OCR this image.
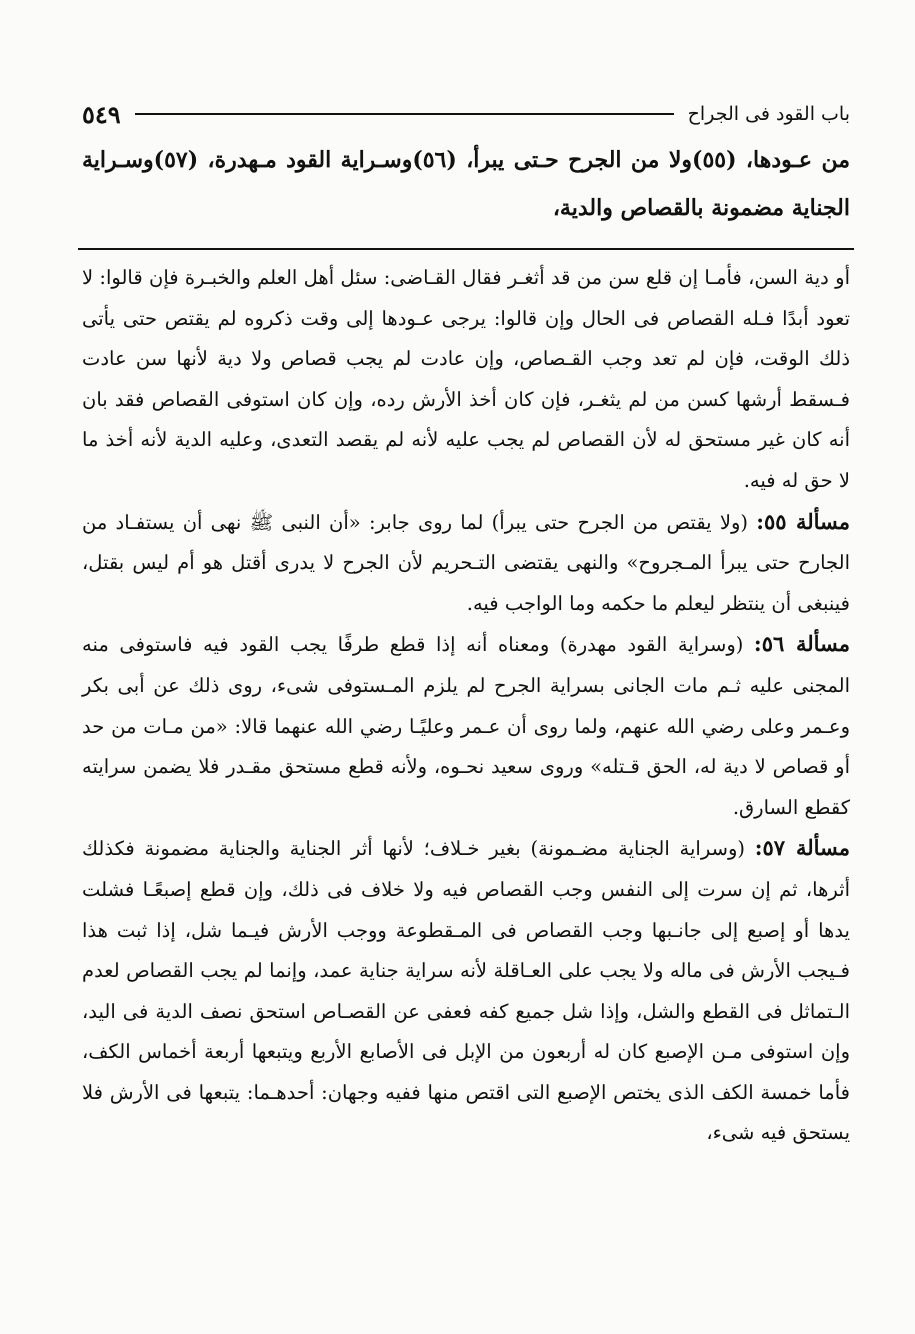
باب القود فى الجراح
٥٤٩

من عـودها، (٥٥)ولا من الجرح حـتى يبرأ، (٥٦)وسـراية القود مـهدرة، (٥٧)وسـراية الجناية مضمونة بالقصاص والدية،

أو دية السن، فأمـا إن قلع سن من قد أثغـر فقال القـاضى: سئل أهل العلم والخبـرة فإن قالوا: لا تعود أبدًا فـله القصاص فى الحال وإن قالوا: يرجى عـودها إلى وقت ذكروه لم يقتص حتى يأتى ذلك الوقت، فإن لم تعد وجب القـصاص، وإن عادت لم يجب قصاص ولا دية لأنها سن عادت فـسقط أرشها كسن من لم يثغـر، فإن كان أخذ الأرش رده، وإن كان استوفى القصاص فقد بان أنه كان غير مستحق له لأن القصاص لم يجب عليه لأنه لم يقصد التعدى، وعليه الدية لأنه أخذ ما لا حق له فيه.

مسألة ٥٥: (ولا يقتص من الجرح حتى يبرأ) لما روى جابر: «أن النبى ﷺ نهى أن يستفـاد من الجارح حتى يبرأ المـجروح» والنهى يقتضى التـحريم لأن الجرح لا يدرى أقتل هو أم ليس بقتل، فينبغى أن ينتظر ليعلم ما حكمه وما الواجب فيه.

مسألة ٥٦: (وسراية القود مهدرة) ومعناه أنه إذا قطع طرفًا يجب القود فيه فاستوفى منه المجنى عليه ثـم مات الجانى بسراية الجرح لم يلزم المـستوفى شىء، روى ذلك عن أبى بكر وعـمر وعلى رضي الله عنهم، ولما روى أن عـمر وعليًـا رضي الله عنهما قالا: «من مـات من حد أو قصاص لا دية له، الحق قـتله» وروى سعيد نحـوه، ولأنه قطع مستحق مقـدر فلا يضمن سرايته كقطع السارق.

مسألة ٥٧: (وسراية الجناية مضـمونة) بغير خـلاف؛ لأنها أثر الجناية والجناية مضمونة فكذلك أثرها، ثم إن سرت إلى النفس وجب القصاص فيه ولا خلاف فى ذلك، وإن قطع إصبعًـا فشلت يدها أو إصبع إلى جانـبها وجب القصاص فى المـقطوعة ووجب الأرش فيـما شل، إذا ثبت هذا فـيجب الأرش فى ماله ولا يجب على العـاقلة لأنه سراية جناية عمد، وإنما لم يجب القصاص لعدم الـتماثل فى القطع والشل، وإذا شل جميع كفه فعفى عن القصـاص استحق نصف الدية فى اليد، وإن استوفى مـن الإصبع كان له أربعون من الإبل فى الأصابع الأربع ويتبعها أربعة أخماس الكف، فأما خمسة الكف الذى يختص الإصبع التى اقتص منها ففيه وجهان: أحدهـما: يتبعها فى الأرش فلا يستحق فيه شىء،
